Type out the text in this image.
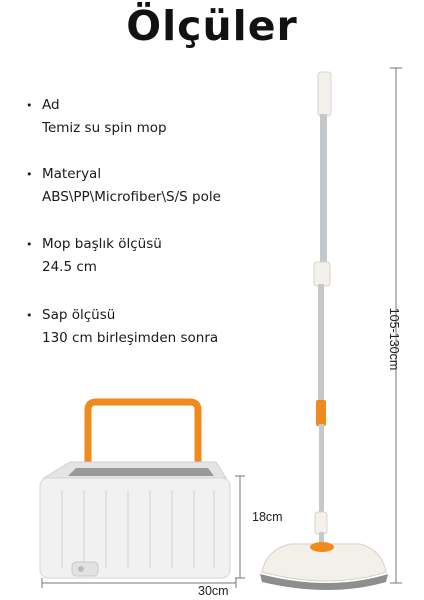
Ölçüler
• Ad
Temiz su spin mop
• Materyal
ABS\PP\Microfiber\S/S pole
• Mop başlık ölçüsü
24.5 cm
• Sap ölçüsü
130 cm birleşimden sonra	105-130cm
18cm
30cm
